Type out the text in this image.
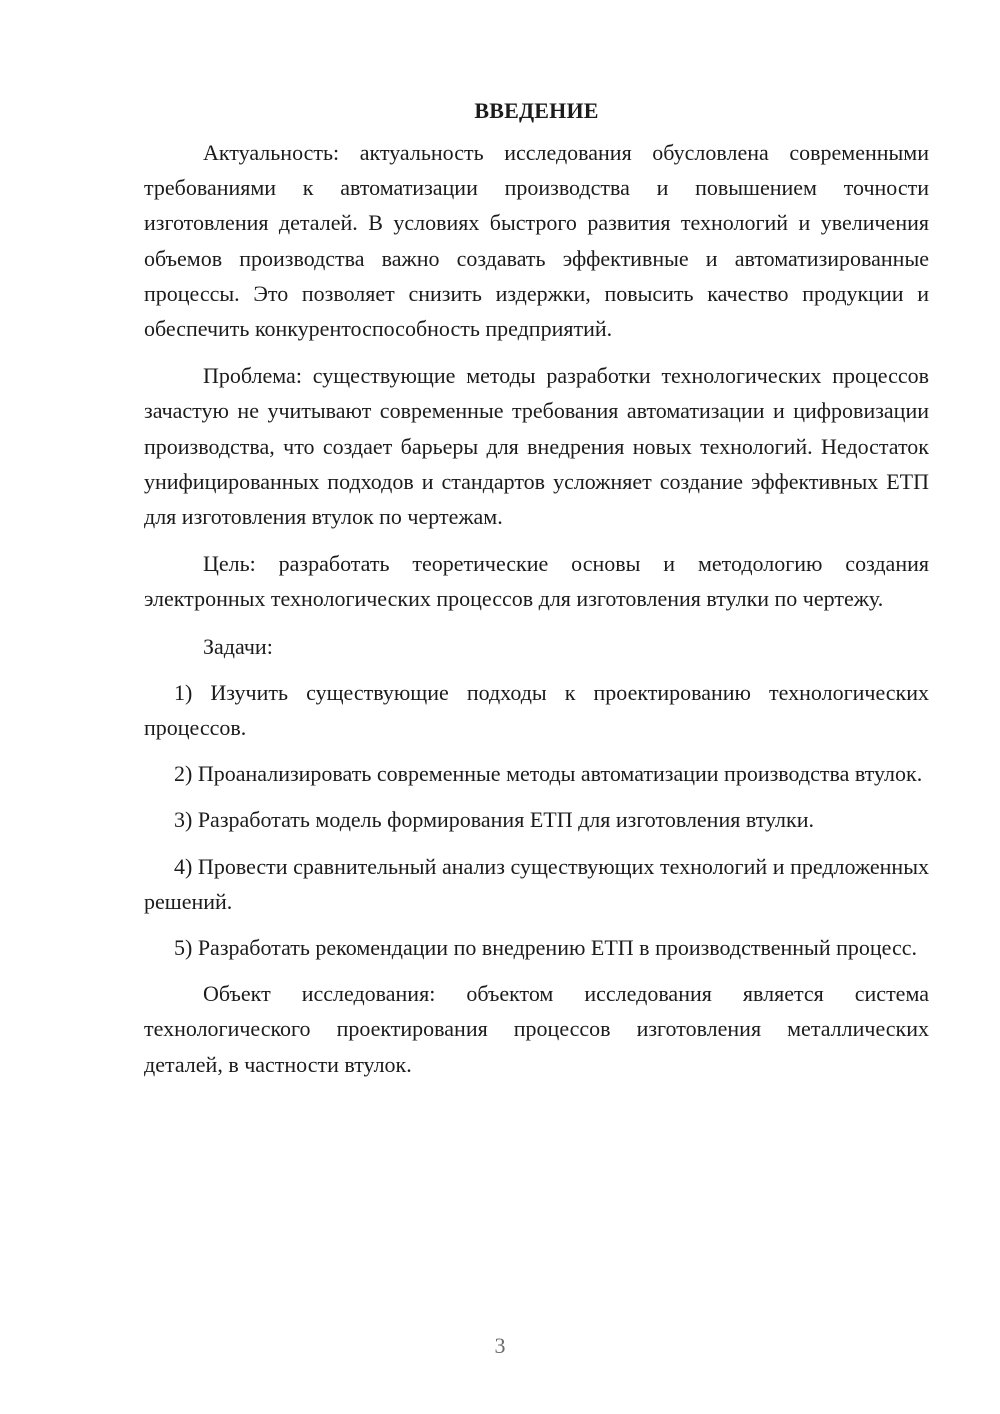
ВВЕДЕНИЕ

Актуальность: актуальность исследования обусловлена современными требованиями к автоматизации производства и повышением точности изготовления деталей. В условиях быстрого развития технологий и увеличения объемов производства важно создавать эффективные и автоматизированные процессы. Это позволяет снизить издержки, повысить качество продукции и обеспечить конкурентоспособность предприятий.

Проблема: существующие методы разработки технологических процессов зачастую не учитывают современные требования автоматизации и цифровизации производства, что создает барьеры для внедрения новых технологий. Недостаток унифицированных подходов и стандартов усложняет создание эффективных ЕТП для изготовления втулок по чертежам.

Цель: разработать теоретические основы и методологию создания электронных технологических процессов для изготовления втулки по чертежу.

Задачи:

1) Изучить существующие подходы к проектированию технологических процессов.

2) Проанализировать современные методы автоматизации производства втулок.

3) Разработать модель формирования ЕТП для изготовления втулки.

4) Провести сравнительный анализ существующих технологий и предложенных решений.

5) Разработать рекомендации по внедрению ЕТП в производственный процесс.

Объект исследования: объектом исследования является система технологического проектирования процессов изготовления металлических деталей, в частности втулок.

3
